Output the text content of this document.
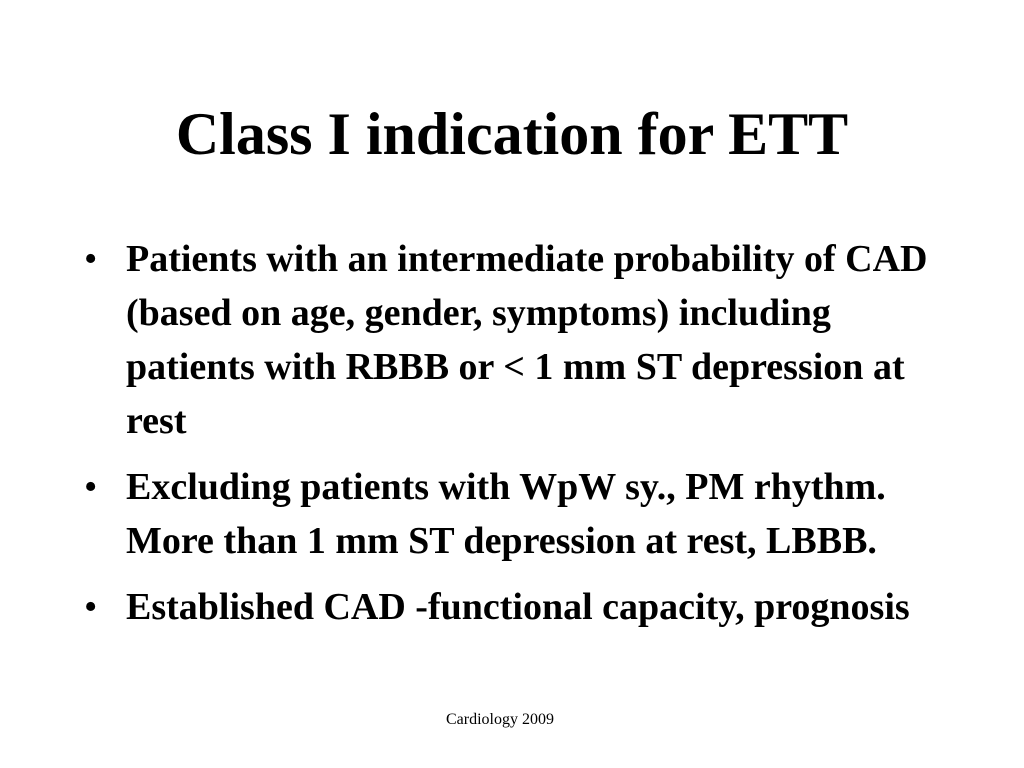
Class I indication for ETT
• Patients with an intermediate probability of CAD (based on age, gender, symptoms) including patients with RBBB or < 1 mm ST depression at rest
• Excluding patients with WpW sy., PM rhythm. More than 1 mm ST depression at rest, LBBB.
• Established CAD -functional capacity, prognosis
Cardiology 2009
